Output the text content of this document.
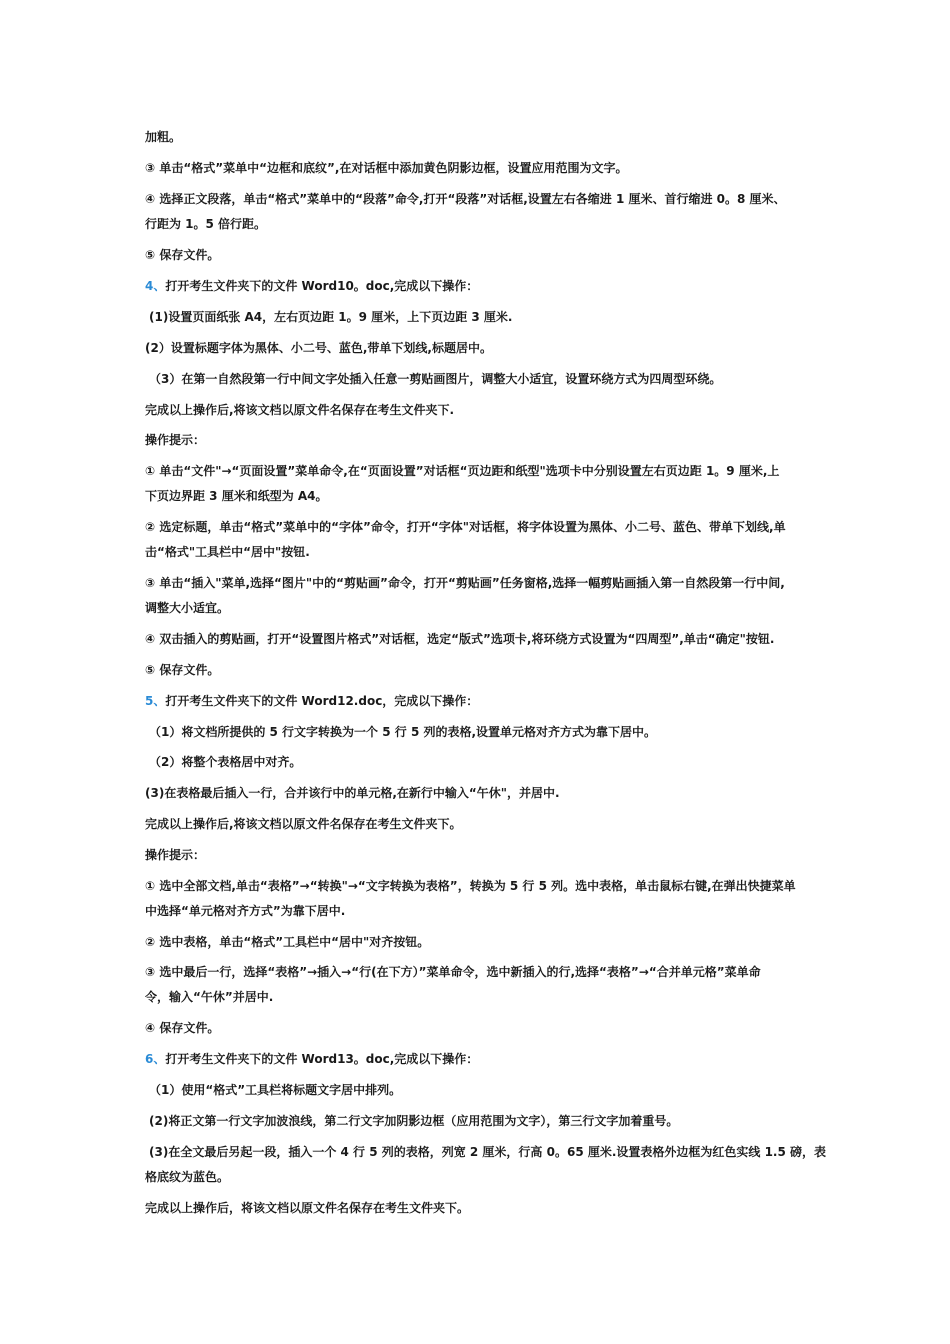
加粗。

③ 单击“格式”菜单中“边框和底纹”,在对话框中添加黄色阴影边框，设置应用范围为文字。

④ 选择正文段落，单击“格式”菜单中的“段落”命令,打开“段落”对话框,设置左右各缩进 1 厘米、首行缩进 0。8 厘米、

行距为 1。5 倍行距。

⑤ 保存文件。

4、打开考生文件夹下的文件 Word10。doc,完成以下操作：

(1)设置页面纸张 A4，左右页边距 1。9 厘米，上下页边距 3 厘米.

(2）设置标题字体为黑体、小二号、蓝色,带单下划线,标题居中。

（3）在第一自然段第一行中间文字处插入任意一剪贴画图片，调整大小适宜，设置环绕方式为四周型环绕。

完成以上操作后,将该文档以原文件名保存在考生文件夹下.

操作提示：

① 单击“文件"→“页面设置”菜单命令,在“页面设置”对话框“页边距和纸型"选项卡中分别设置左右页边距 1。9 厘米,上

下页边界距 3 厘米和纸型为 A4。

② 选定标题，单击“格式”菜单中的“字体”命令，打开“字体"对话框，将字体设置为黑体、小二号、蓝色、带单下划线,单

击“格式"工具栏中“居中"按钮.

③ 单击“插入"菜单,选择“图片"中的“剪贴画”命令，打开“剪贴画”任务窗格,选择一幅剪贴画插入第一自然段第一行中间,

调整大小适宜。

④ 双击插入的剪贴画，打开“设置图片格式”对话框，选定“版式”选项卡,将环绕方式设置为“四周型”,单击“确定"按钮.

⑤ 保存文件。

5、打开考生文件夹下的文件 Word12.doc，完成以下操作：

（1）将文档所提供的 5 行文字转换为一个 5 行 5 列的表格,设置单元格对齐方式为靠下居中。

（2）将整个表格居中对齐。

(3)在表格最后插入一行，合并该行中的单元格,在新行中输入“午休"，并居中.

完成以上操作后,将该文档以原文件名保存在考生文件夹下。

操作提示：

① 选中全部文档,单击“表格”→“转换"→“文字转换为表格”，转换为 5 行 5 列。选中表格，单击鼠标右键,在弹出快捷菜单

中选择“单元格对齐方式”为靠下居中.

② 选中表格，单击“格式”工具栏中“居中"对齐按钮。

③ 选中最后一行，选择“表格”→插入→“行(在下方）”菜单命令，选中新插入的行,选择“表格”→“合并单元格”菜单命

令，输入“午休”并居中.

④ 保存文件。

6、打开考生文件夹下的文件 Word13。doc,完成以下操作：

（1）使用“格式”工具栏将标题文字居中排列。

(2)将正文第一行文字加波浪线，第二行文字加阴影边框（应用范围为文字），第三行文字加着重号。

(3)在全文最后另起一段，插入一个 4 行 5 列的表格，列宽 2 厘米，行高 0。65 厘米.设置表格外边框为红色实线 1.5 磅，表

格底纹为蓝色。

完成以上操作后，将该文档以原文件名保存在考生文件夹下。
